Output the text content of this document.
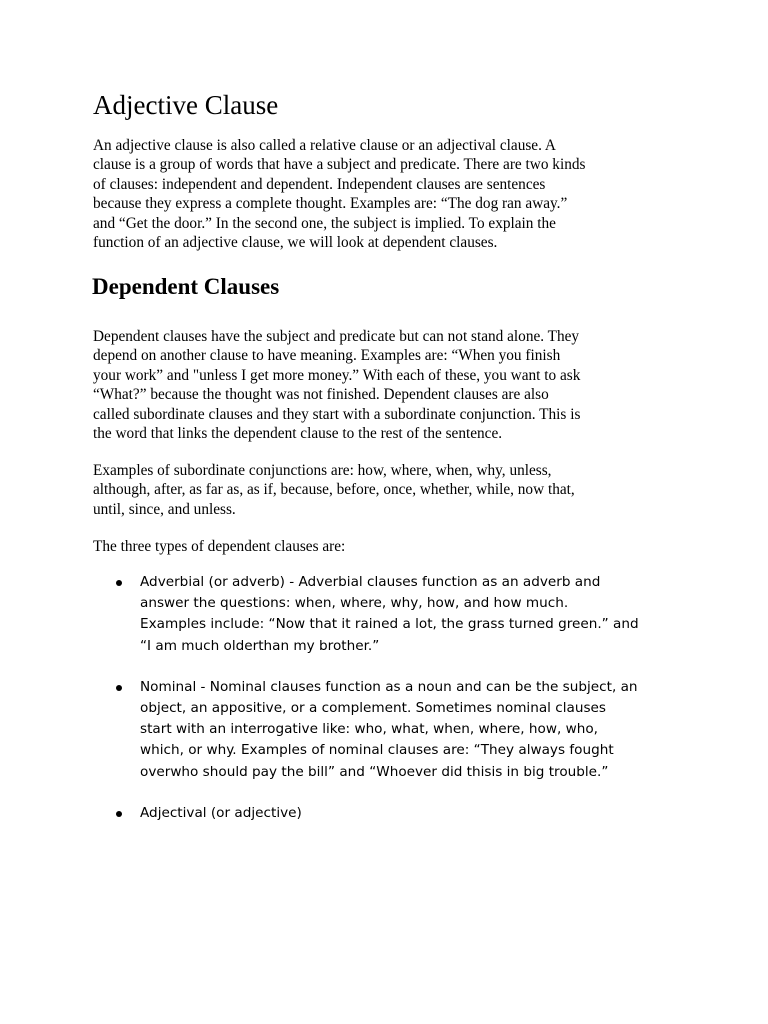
Adjective Clause

An adjective clause is also called a relative clause or an adjectival clause. A
clause is a group of words that have a subject and predicate. There are two kinds
of clauses: independent and dependent. Independent clauses are sentences
because they express a complete thought. Examples are: “The dog ran away.”
and “Get the door.” In the second one, the subject is implied. To explain the
function of an adjective clause, we will look at dependent clauses.

Dependent Clauses

Dependent clauses have the subject and predicate but can not stand alone. They
depend on another clause to have meaning. Examples are: “When you finish
your work” and "unless I get more money.” With each of these, you want to ask
“What?” because the thought was not finished. Dependent clauses are also
called subordinate clauses and they start with a subordinate conjunction. This is
the word that links the dependent clause to the rest of the sentence.

Examples of subordinate conjunctions are: how, where, when, why, unless,
although, after, as far as, as if, because, before, once, whether, while, now that,
until, since, and unless.

The three types of dependent clauses are:

Adverbial (or adverb) - Adverbial clauses function as an adverb and
answer the questions: when, where, why, how, and how much.
Examples include: “Now that it rained a lot, the grass turned green.” and
“I am much olderthan my brother.”
Nominal - Nominal clauses function as a noun and can be the subject, an
object, an appositive, or a complement. Sometimes nominal clauses
start with an interrogative like: who, what, when, where, how, who,
which, or why. Examples of nominal clauses are: “They always fought
overwho should pay the bill” and “Whoever did thisis in big trouble.”
Adjectival (or adjective)
